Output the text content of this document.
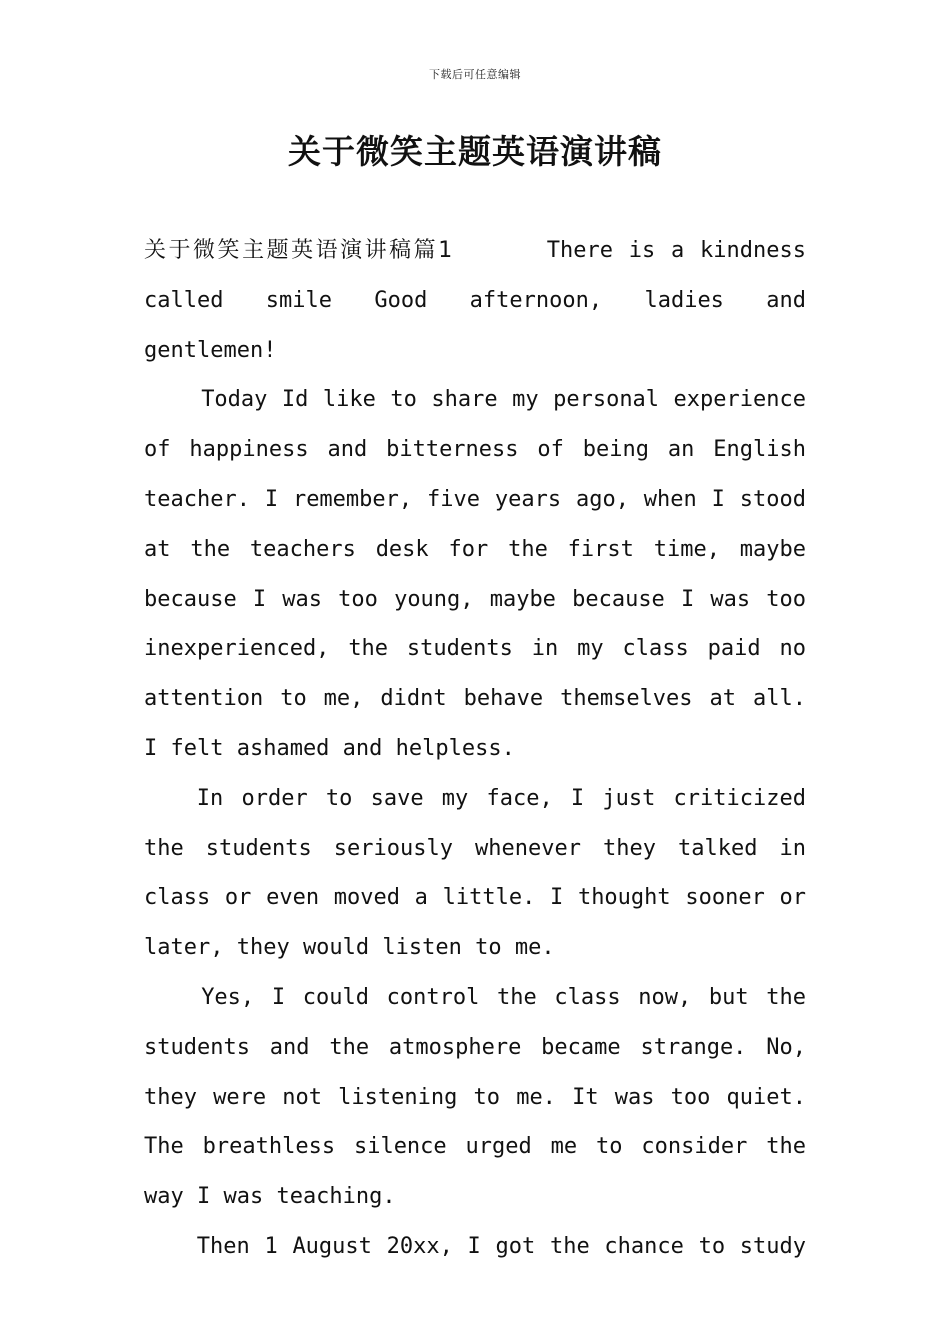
下载后可任意编辑
关于微笑主题英语演讲稿

关于微笑主题英语演讲稿篇1	There is a kindness called smile Good afternoon, ladies and gentlemen!

Today Id like to share my personal experience of happiness and bitterness of being an English teacher. I remember, five years ago, when I stood at the teachers desk for the first time, maybe because I was too young, maybe because I was too inexperienced, the students in my class paid no attention to me, didnt behave themselves at all. I felt ashamed and helpless.

In order to save my face, I just criticized the students seriously whenever they talked in class or even moved a little. I thought sooner or later, they would listen to me.

Yes, I could control the class now, but the students and the atmosphere became strange. No, they were not listening to me. It was too quiet. The breathless silence urged me to consider the way I was teaching.

Then 1 August 20xx, I got the chance to study
